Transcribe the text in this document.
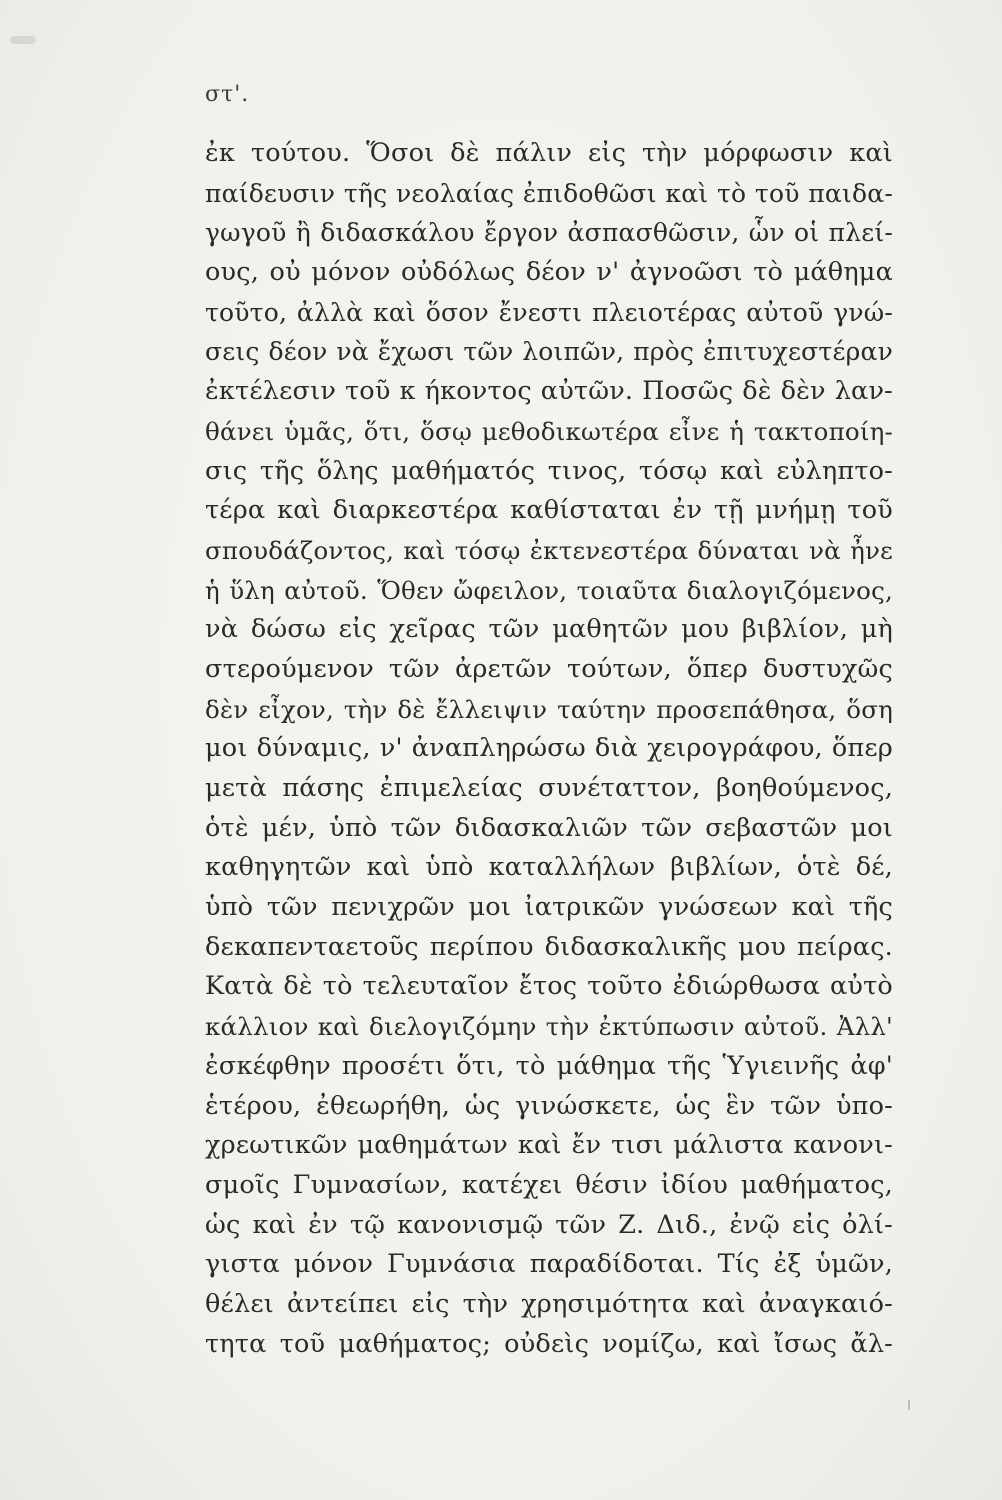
στ'.
ἐκ τούτου. Ὅσοι δὲ πάλιν εἰς τὴν μόρφωσιν καὶ
παίδευσιν τῆς νεολαίας ἐπιδοθῶσι καὶ τὸ τοῦ παιδα-
γωγοῦ ἢ διδασκάλου ἔργον ἀσπασθῶσιν, ὧν οἱ πλεί-
ους, οὐ μόνον οὐδόλως δέον ν' ἀγνοῶσι τὸ μάθημα
τοῦτο, ἀλλὰ καὶ ὅσον ἔνεστι πλειοτέρας αὐτοῦ γνώ-
σεις δέον νὰ ἔχωσι τῶν λοιπῶν, πρὸς ἐπιτυχεστέραν
ἐκτέλεσιν τοῦ κ ήκοντος αὐτῶν. Ποσῶς δὲ δὲν λαν-
θάνει ὑμᾶς, ὅτι, ὅσῳ μεθοδικωτέρα εἶνε ἡ τακτοποίη-
σις τῆς ὅλης μαθήματός τινος, τόσῳ καὶ εὐληπτο-
τέρα καὶ διαρκεστέρα καθίσταται ἐν τῇ μνήμῃ τοῦ
σπουδάζοντος, καὶ τόσῳ ἐκτενεστέρα δύναται νὰ ἦνε
ἡ ὕλη αὐτοῦ. Ὅθεν ὤφειλον, τοιαῦτα διαλογιζόμενος,
νὰ δώσω εἰς χεῖρας τῶν μαθητῶν μου βιβλίον, μὴ
στερούμενον τῶν ἀρετῶν τούτων, ὅπερ δυστυχῶς
δὲν εἶχον, τὴν δὲ ἔλλειψιν ταύτην προσεπάθησα, ὅση
μοι δύναμις, ν' ἀναπληρώσω διὰ χειρογράφου, ὅπερ
μετὰ πάσης ἐπιμελείας συνέταττον, βοηθούμενος,
ὁτὲ μέν, ὑπὸ τῶν διδασκαλιῶν τῶν σεβαστῶν μοι
καθηγητῶν καὶ ὑπὸ καταλλήλων βιβλίων, ὁτὲ δέ,
ὑπὸ τῶν πενιχρῶν μοι ἰατρικῶν γνώσεων καὶ τῆς
δεκαπενταετοῦς περίπου διδασκαλικῆς μου πείρας.
Κατὰ δὲ τὸ τελευταῖον ἔτος τοῦτο ἐδιώρθωσα αὐτὸ
κάλλιον καὶ διελογιζόμην τὴν ἐκτύπωσιν αὐτοῦ. Ἀλλ'
ἐσκέφθην προσέτι ὅτι, τὸ μάθημα τῆς Ὑγιεινῆς ἀφ'
ἑτέρου, ἐθεωρήθη, ὡς γινώσκετε, ὡς ἓν τῶν ὑπο-
χρεωτικῶν μαθημάτων καὶ ἔν τισι μάλιστα κανονι-
σμοῖς Γυμνασίων, κατέχει θέσιν ἰδίου μαθήματος,
ὡς καὶ ἐν τῷ κανονισμῷ τῶν Ζ. Διδ., ἐνῷ εἰς ὀλί-
γιστα μόνον Γυμνάσια παραδίδοται. Τίς ἐξ ὑμῶν,
θέλει ἀντείπει εἰς τὴν χρησιμότητα καὶ ἀναγκαιό-
τητα τοῦ μαθήματος; οὐδεὶς νομίζω, καὶ ἴσως ἄλ-
